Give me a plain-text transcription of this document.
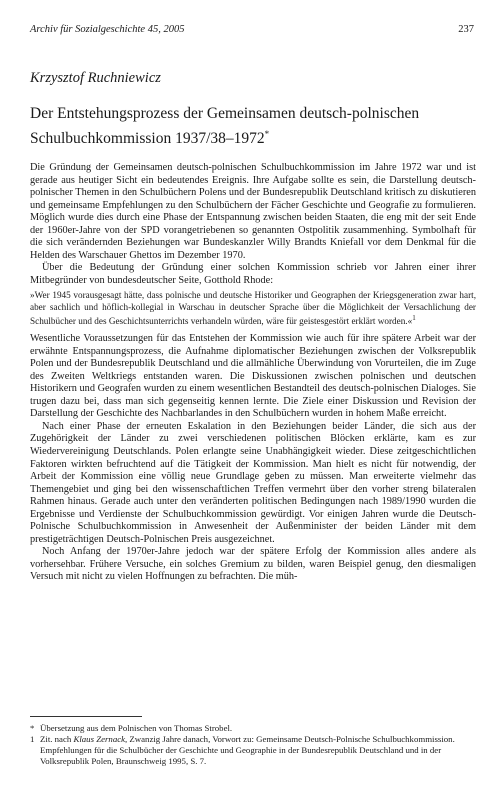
Archiv für Sozialgeschichte 45, 2005	237
Krzysztof Ruchniewicz
Der Entstehungsprozess der Gemeinsamen deutsch-polnischen
Schulbuchkommission 1937/38–1972*

Die Gründung der Gemeinsamen deutsch-polnischen Schulbuchkommission im Jahre 1972 war und ist gerade aus heutiger Sicht ein bedeutendes Ereignis. Ihre Aufgabe sollte es sein, die Darstellung deutsch-polnischer Themen in den Schulbüchern Polens und der Bundesrepublik Deutschland kritisch zu diskutieren und gemeinsame Empfehlungen zu den Schulbüchern der Fächer Geschichte und Geografie zu formulieren. Möglich wurde dies durch eine Phase der Entspannung zwischen beiden Staaten, die eng mit der seit Ende der 1960er-Jahre von der SPD vorangetriebenen so genannten Ostpolitik zusammenhing. Symbolhaft für die sich verändernden Beziehungen war Bundeskanzler Willy Brandts Kniefall vor dem Denkmal für die Helden des Warschauer Ghettos im Dezember 1970.

Über die Bedeutung der Gründung einer solchen Kommission schrieb vor Jahren einer ihrer Mitbegründer von bundesdeutscher Seite, Gotthold Rhode:

»Wer 1945 vorausgesagt hätte, dass polnische und deutsche Historiker und Geographen der Kriegsgeneration zwar hart, aber sachlich und höflich-kollegial in Warschau in deutscher Sprache über die Möglichkeit der Versachlichung der Schulbücher und des Geschichtsunterrichts verhandeln würden, wäre für geistesgestört erklärt worden.«$^1$

Wesentliche Voraussetzungen für das Entstehen der Kommission wie auch für ihre spätere Arbeit war der erwähnte Entspannungsprozess, die Aufnahme diplomatischer Beziehungen zwischen der Volksrepublik Polen und der Bundesrepublik Deutschland und die allmähliche Überwindung von Vorurteilen, die im Zuge des Zweiten Weltkriegs entstanden waren. Die Diskussionen zwischen polnischen und deutschen Historikern und Geografen wurden zu einem wesentlichen Bestandteil des deutsch-polnischen Dialoges. Sie trugen dazu bei, dass man sich gegenseitig kennen lernte. Die Ziele einer Diskussion und Revision der Darstellung der Geschichte des Nachbarlandes in den Schulbüchern wurden in hohem Maße erreicht.

Nach einer Phase der erneuten Eskalation in den Beziehungen beider Länder, die sich aus der Zugehörigkeit der Länder zu zwei verschiedenen politischen Blöcken erklärte, kam es zur Wiedervereinigung Deutschlands. Polen erlangte seine Unabhängigkeit wieder. Diese zeitgeschichtlichen Faktoren wirkten befruchtend auf die Tätigkeit der Kommission. Man hielt es nicht für notwendig, der Arbeit der Kommission eine völlig neue Grundlage geben zu müssen. Man erweiterte vielmehr das Themengebiet und ging bei den wissenschaftlichen Treffen vermehrt über den vorher streng bilateralen Rahmen hinaus. Gerade auch unter den veränderten politischen Bedingungen nach 1989/1990 wurden die Ergebnisse und Verdienste der Schulbuchkommission gewürdigt. Vor einigen Jahren wurde die Deutsch-Polnische Schulbuchkommission in Anwesenheit der Außenminister der beiden Länder mit dem prestigeträchtigen Deutsch-Polnischen Preis ausgezeichnet.

Noch Anfang der 1970er-Jahre jedoch war der spätere Erfolg der Kommission alles andere als vorhersehbar. Frühere Versuche, ein solches Gremium zu bilden, waren Beispiel genug, den diesmaligen Versuch mit nicht zu vielen Hoffnungen zu befrachten. Die müh-

* Übersetzung aus dem Polnischen von Thomas Strobel.
1 Zit. nach Klaus Zernack, Zwanzig Jahre danach, Vorwort zu: Gemeinsame Deutsch-Polnische Schulbuchkommission. Empfehlungen für die Schulbücher der Geschichte und Geographie in der Bundesrepublik Deutschland und in der Volksrepublik Polen, Braunschweig 1995, S. 7.
